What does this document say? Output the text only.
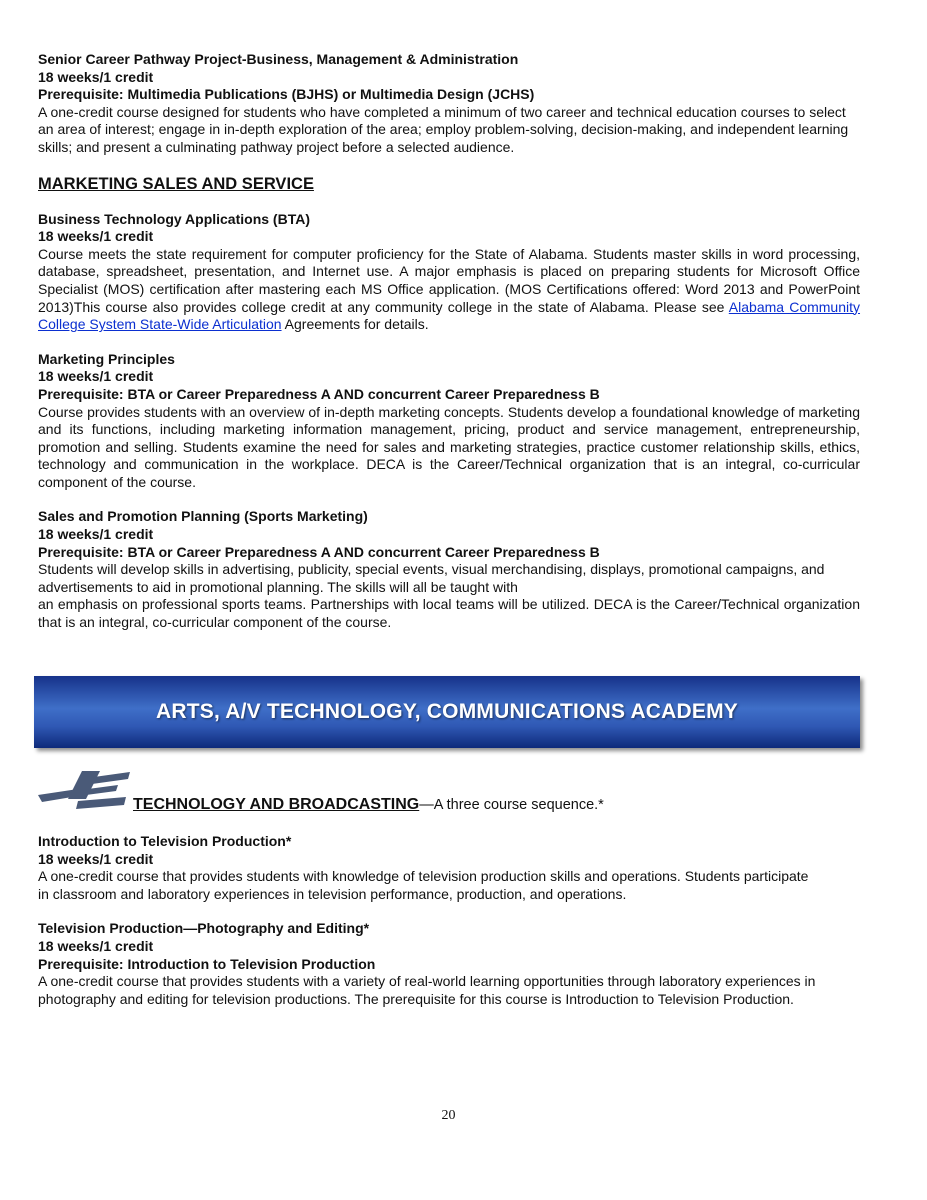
Senior Career Pathway Project-Business, Management & Administration
18 weeks/1 credit
Prerequisite: Multimedia Publications (BJHS) or Multimedia Design (JCHS)
A one-credit course designed for students who have completed a minimum of two career and technical education courses to select an area of interest; engage in in-depth exploration of the area; employ problem-solving, decision-making, and independent learning skills; and present a culminating pathway project before a selected audience.
MARKETING SALES AND SERVICE
Business Technology Applications (BTA)
18 weeks/1 credit
Course meets the state requirement for computer proficiency for the State of Alabama. Students master skills in word processing, database, spreadsheet, presentation, and Internet use. A major emphasis is placed on preparing students for Microsoft Office Specialist (MOS) certification after mastering each MS Office application. (MOS Certifications offered: Word 2013 and PowerPoint 2013)This course also provides college credit at any community college in the state of Alabama. Please see Alabama Community College System State-Wide Articulation Agreements for details.
Marketing Principles
18 weeks/1 credit
Prerequisite: BTA or Career Preparedness A AND concurrent Career Preparedness B
Course provides students with an overview of in-depth marketing concepts. Students develop a foundational knowledge of marketing and its functions, including marketing information management, pricing, product and service management, entrepreneurship, promotion and selling. Students examine the need for sales and marketing strategies, practice customer relationship skills, ethics, technology and communication in the workplace. DECA is the Career/Technical organization that is an integral, co-curricular component of the course.
Sales and Promotion Planning (Sports Marketing)
18 weeks/1 credit
Prerequisite: BTA or Career Preparedness A AND concurrent Career Preparedness B
Students will develop skills in advertising, publicity, special events, visual merchandising, displays, promotional campaigns, and advertisements to aid in promotional planning. The skills will all be taught with
an emphasis on professional sports teams. Partnerships with local teams will be utilized. DECA is the Career/Technical organization that is an integral, co-curricular component of the course.
ARTS, A/V TECHNOLOGY, COMMUNICATIONS ACADEMY
TECHNOLOGY AND BROADCASTING—A three course sequence.*
Introduction to Television Production*
18 weeks/1 credit
A one-credit course that provides students with knowledge of television production skills and operations. Students participate in classroom and laboratory experiences in television performance, production, and operations.
Television Production—Photography and Editing*
18 weeks/1 credit
Prerequisite: Introduction to Television Production
A one-credit course that provides students with a variety of real-world learning opportunities through laboratory experiences in photography and editing for television productions. The prerequisite for this course is Introduction to Television Production.
20
